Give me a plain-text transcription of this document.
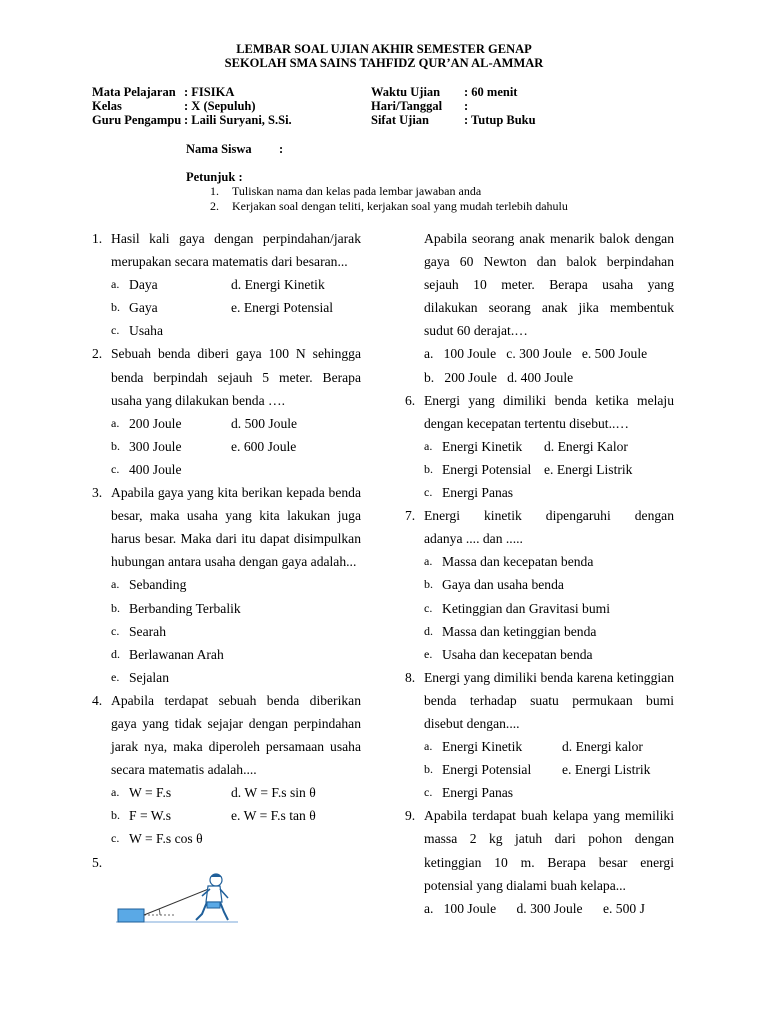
LEMBAR SOAL UJIAN AKHIR SEMESTER GENAP
SEKOLAH SMA SAINS TAHFIDZ QUR’AN AL-AMMAR
Mata Pelajaran : FISIKA
Kelas	: X (Sepuluh)
Guru Pengampu : Laili Suryani, S.Si.
Waktu Ujian	: 60 menit
Hari/Tanggal	:
Sifat Ujian	: Tutup Buku
Nama Siswa :
Petunjuk :
1.	Tuliskan nama dan kelas pada lembar jawaban anda
2.	Kerjakan soal dengan teliti, kerjakan soal yang mudah terlebih dahulu
1. Hasil kali gaya dengan perpindahan/jarak merupakan secara matematis dari besaran...
a. Daya	d. Energi Kinetik
b. Gaya	e. Energi Potensial
c. Usaha
2. Sebuah benda diberi gaya 100 N sehingga benda berpindah sejauh 5 meter. Berapa usaha yang dilakukan benda ….
a. 200 Joule	d. 500 Joule
b. 300 Joule	e. 600 Joule
c. 400 Joule
3. Apabila gaya yang kita berikan kepada benda besar, maka usaha yang kita lakukan juga harus besar. Maka dari itu dapat disimpulkan hubungan antara usaha dengan gaya adalah...
a. Sebanding
b. Berbanding Terbalik
c. Searah
d. Berlawanan Arah
e. Sejalan
4. Apabila terdapat sebuah benda diberikan gaya yang tidak sejajar dengan perpindahan jarak nya, maka diperoleh persamaan usaha secara matematis adalah....
a. W = F.s	d. W = F.s sin θ
b. F = W.s	e. W = F.s tan θ
c. W = F.s cos θ
5.
Apabila seorang anak menarik balok dengan gaya 60 Newton dan balok berpindahan sejauh 10 meter. Berapa usaha yang dilakukan seorang anak jika membentuk sudut 60 derajat.…
a.   100 Joule   c. 300 Joule   e. 500 Joule
b.   200 Joule   d. 400 Joule
6. Energi yang dimiliki benda ketika melaju dengan kecepatan tertentu disebut..…
a. Energi Kinetik	d. Energi Kalor
b. Energi Potensial e. Energi Listrik
c. Energi Panas
7. Energi kinetik dipengaruhi dengan
adanya .... dan .....
a. Massa dan kecepatan benda
b. Gaya dan usaha benda
c. Ketinggian dan Gravitasi bumi
d. Massa dan ketinggian benda
e. Usaha dan kecepatan benda
8. Energi yang dimiliki benda karena ketinggian benda terhadap suatu permukaan bumi disebut dengan....
a. Energi Kinetik	d. Energi kalor
b. Energi Potensial	e. Energi Listrik
c. Energi Panas
9. Apabila terdapat buah kelapa yang memiliki massa 2 kg jatuh dari pohon dengan ketinggian 10 m. Berapa besar energi potensial yang dialami buah kelapa...
a.   100 Joule      d. 300 Joule      e. 500 J
